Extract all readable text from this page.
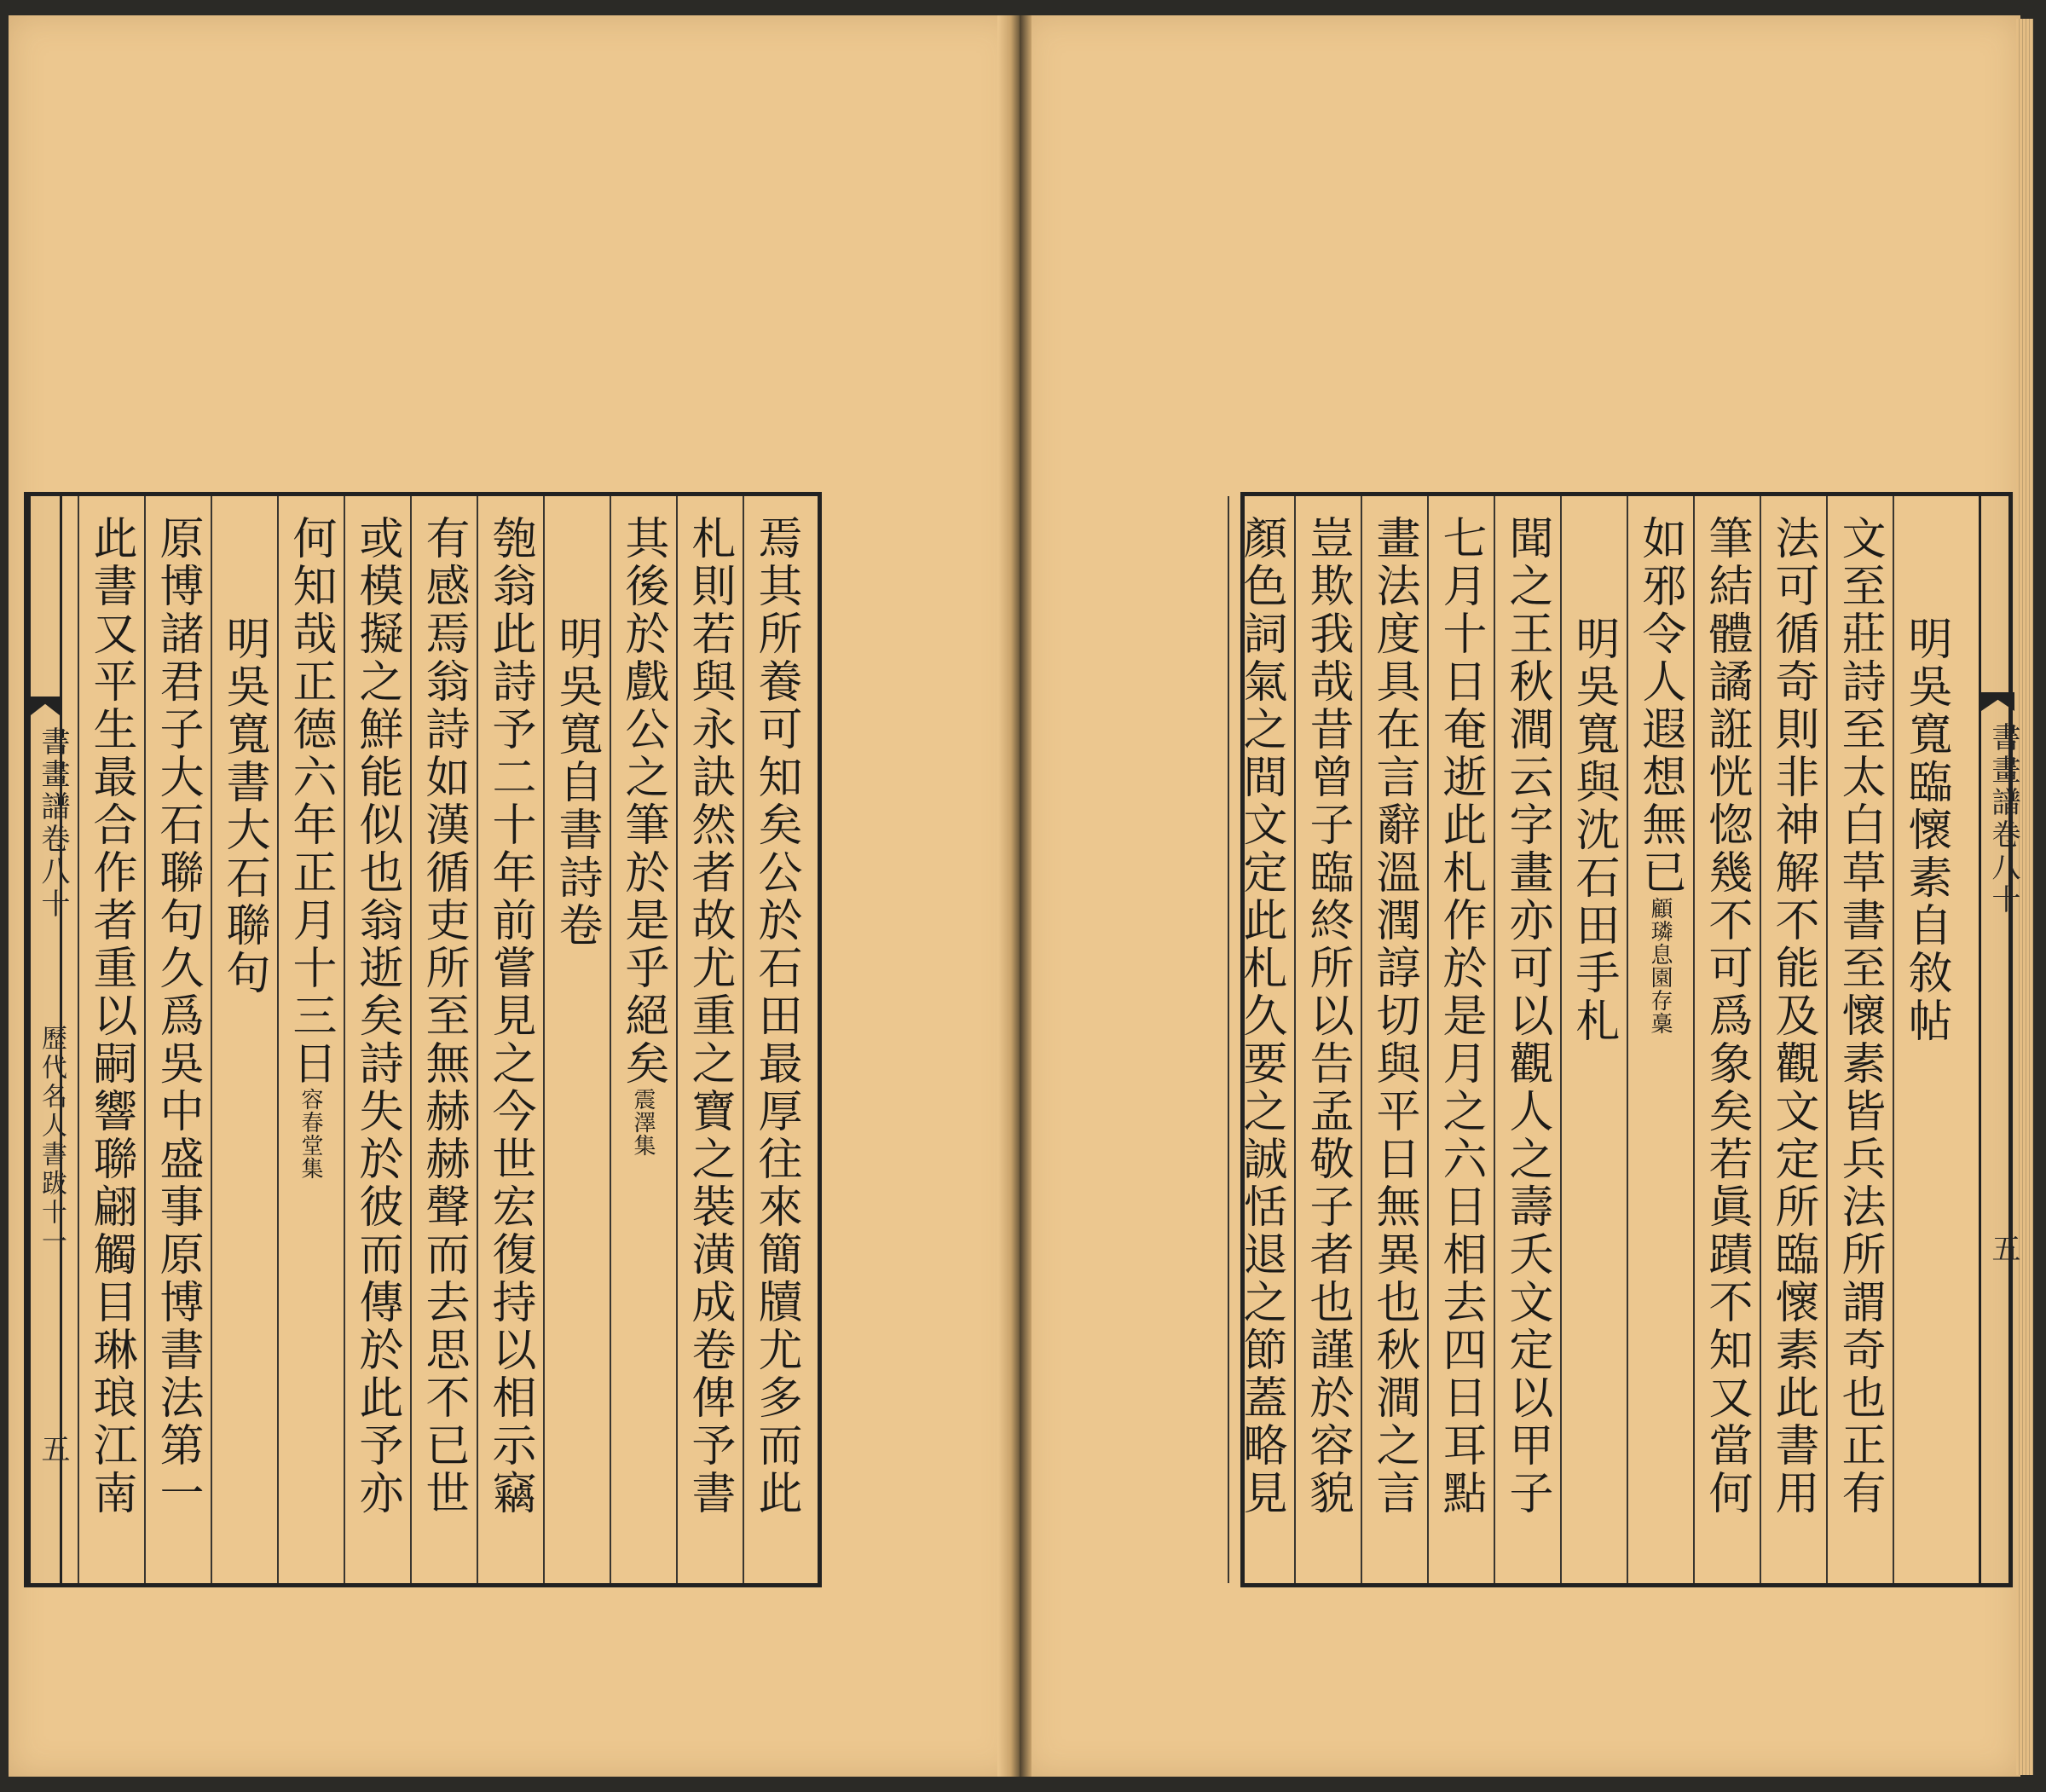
焉其所養可知矣公於石田最厚往來簡牘尤多而此
札則若與永訣然者故尤重之寶之裝潢成卷俾予書
其後於戲公之筆於是乎絕矣震澤集
明吳寬自書詩卷
匏翁此詩予二十年前嘗見之今世宏復持以相示竊
有感焉翁詩如漢循吏所至無赫赫聲而去思不已世
或模擬之鮮能似也翁逝矣詩失於彼而傳於此予亦
何知哉正德六年正月十三日容春堂集
明吳寬書大石聯句
原博諸君子大石聯句久爲吳中盛事原博書法第一
此書又平生最合作者重以嗣響聯翩觸目琳琅江南
書畫譜卷八十
歷代名人書跋十一
五
明吳寬臨懷素自敘帖
文至莊詩至太白草書至懷素皆兵法所謂奇也正有
法可循奇則非神解不能及觀文定所臨懷素此書用
筆結體譎誑恍惚幾不可爲象矣若眞蹟不知又當何
如邪令人遐想無已顧璘息園存稾
明吳寬與沈石田手札
聞之王秋澗云字畫亦可以觀人之壽夭文定以甲子
七月十日奄逝此札作於是月之六日相去四日耳點
畫法度具在言辭溫潤諄切與平日無異也秋澗之言
豈欺我哉昔曾子臨終所以告孟敬子者也謹於容貌
顏色詞氣之間文定此札久要之誠恬退之節蓋略見	書畫譜卷八十
五
